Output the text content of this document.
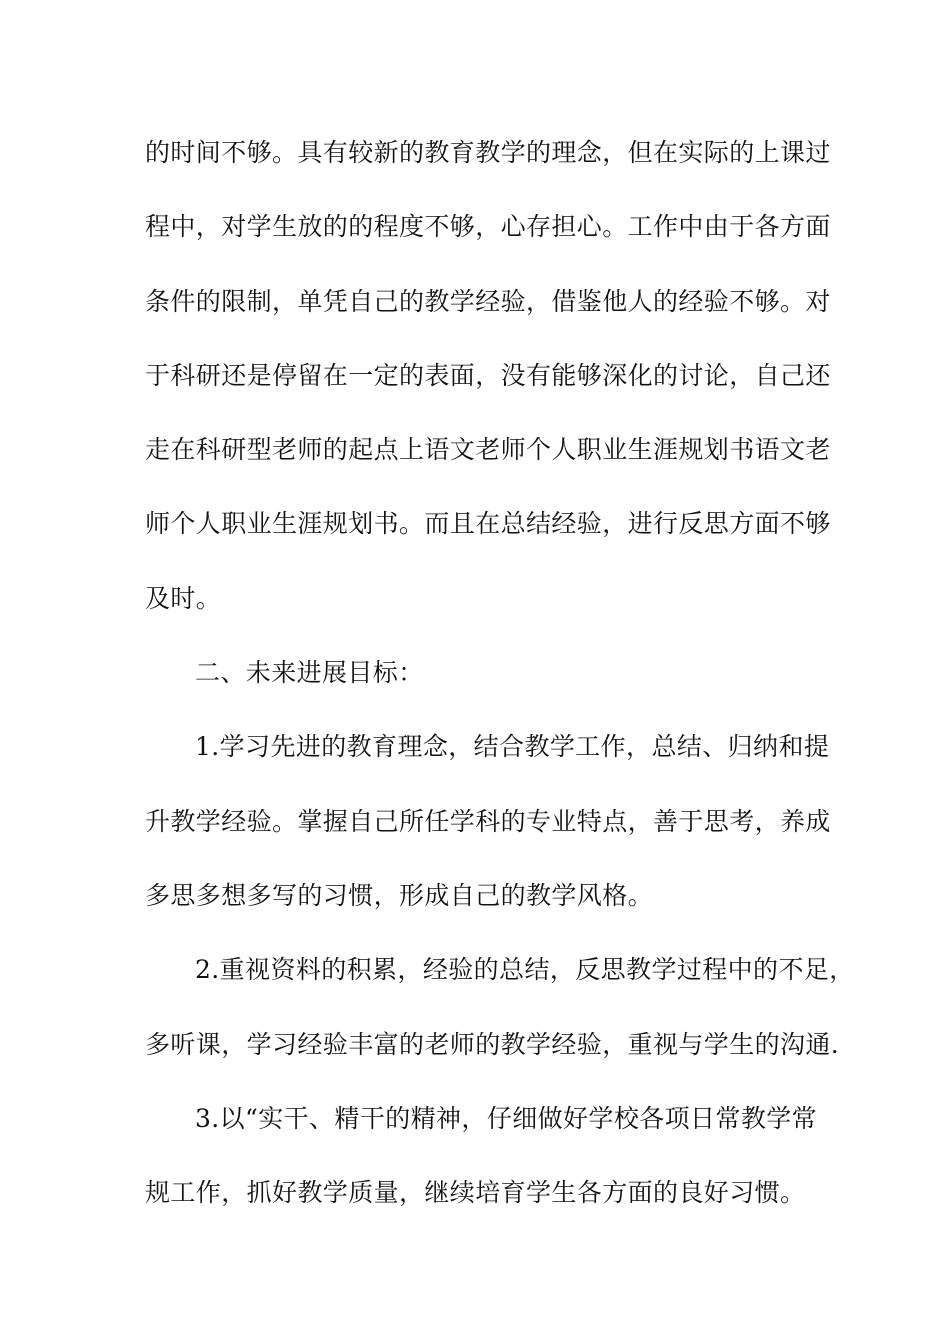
的时间不够。具有较新的教育教学的理念，但在实际的上课过
程中，对学生放的的程度不够，心存担心。工作中由于各方面
条件的限制，单凭自己的教学经验，借鉴他人的经验不够。对
于科研还是停留在一定的表面，没有能够深化的讨论，自己还
走在科研型老师的起点上语文老师个人职业生涯规划书语文老
师个人职业生涯规划书。而且在总结经验，进行反思方面不够
及时。
二、未来进展目标：
1.学习先进的教育理念，结合教学工作，总结、归纳和提
升教学经验。掌握自己所任学科的专业特点，善于思考，养成
多思多想多写的习惯，形成自己的教学风格。
2.重视资料的积累，经验的总结，反思教学过程中的不足，
多听课，学习经验丰富的老师的教学经验，重视与学生的沟通.
3.以“实干、精干的精神，仔细做好学校各项日常教学常
规工作，抓好教学质量，继续培育学生各方面的良好习惯。
